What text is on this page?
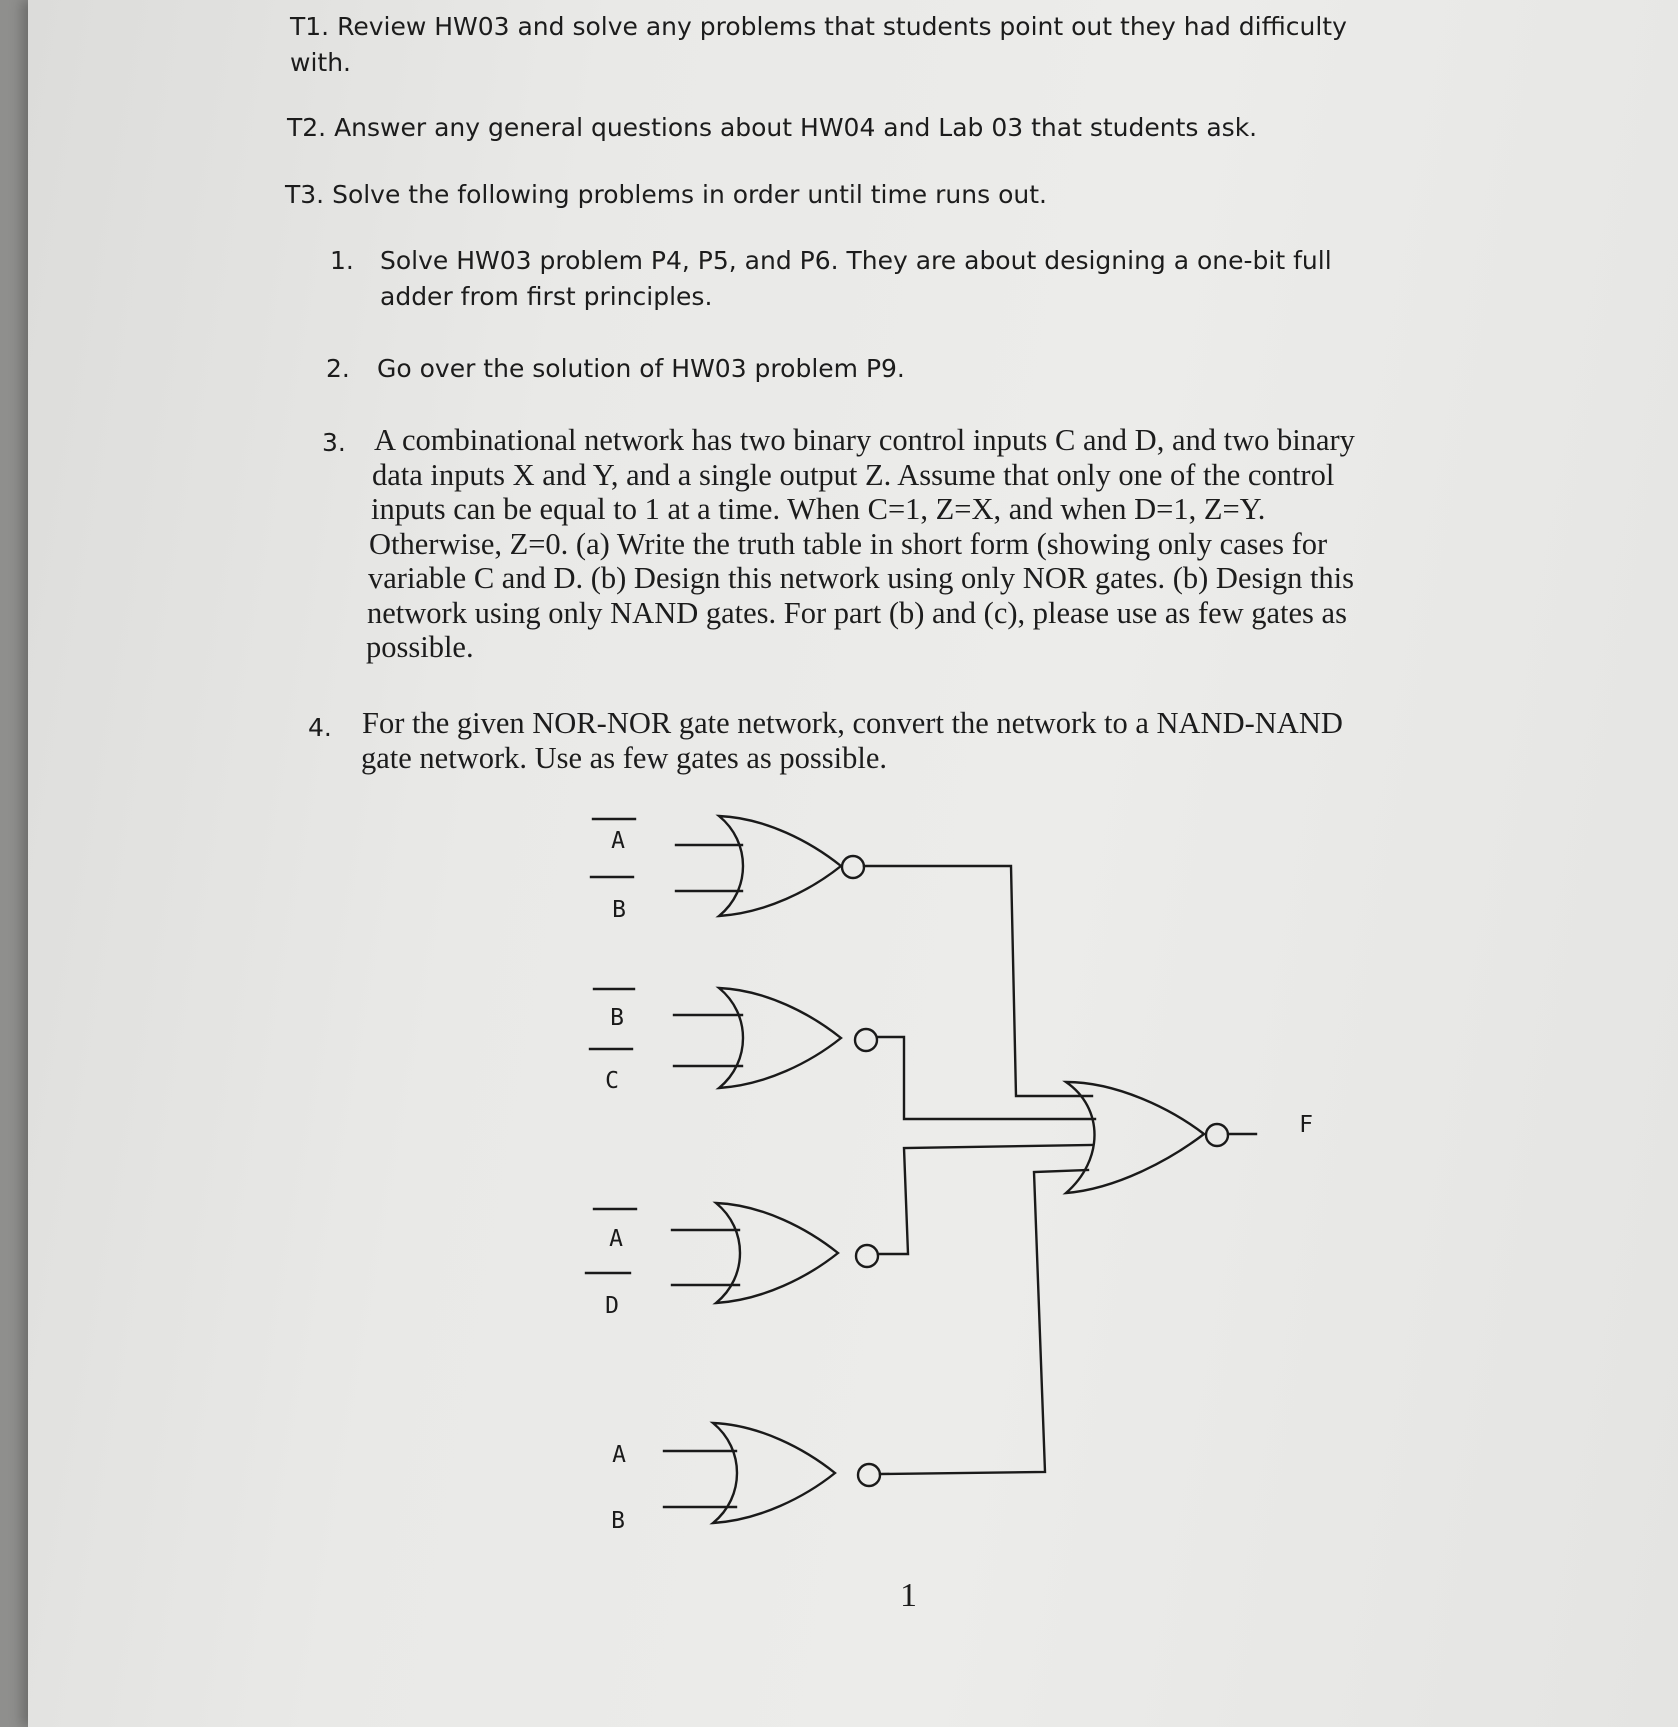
T1. Review HW03 and solve any problems that students point out they had difficulty
with.
T2. Answer any general questions about HW04 and Lab 03 that students ask.
T3. Solve the following problems in order until time runs out.
1. Solve HW03 problem P4, P5, and P6. They are about designing a one-bit full
adder from first principles.
2. Go over the solution of HW03 problem P9.
3. A combinational network has two binary control inputs C and D, and two binary
data inputs X and Y, and a single output Z. Assume that only one of the control
inputs can be equal to 1 at a time. When C=1, Z=X, and when D=1, Z=Y.
Otherwise, Z=0. (a) Write the truth table in short form (showing only cases for
variable C and D. (b) Design this network using only NOR gates. (b) Design this
network using only NAND gates. For part (b) and (c), please use as few gates as
possible.
4. For the given NOR-NOR gate network, convert the network to a NAND-NAND
gate network. Use as few gates as possible.
A
B
B
C
A
D
A
B
F
1
